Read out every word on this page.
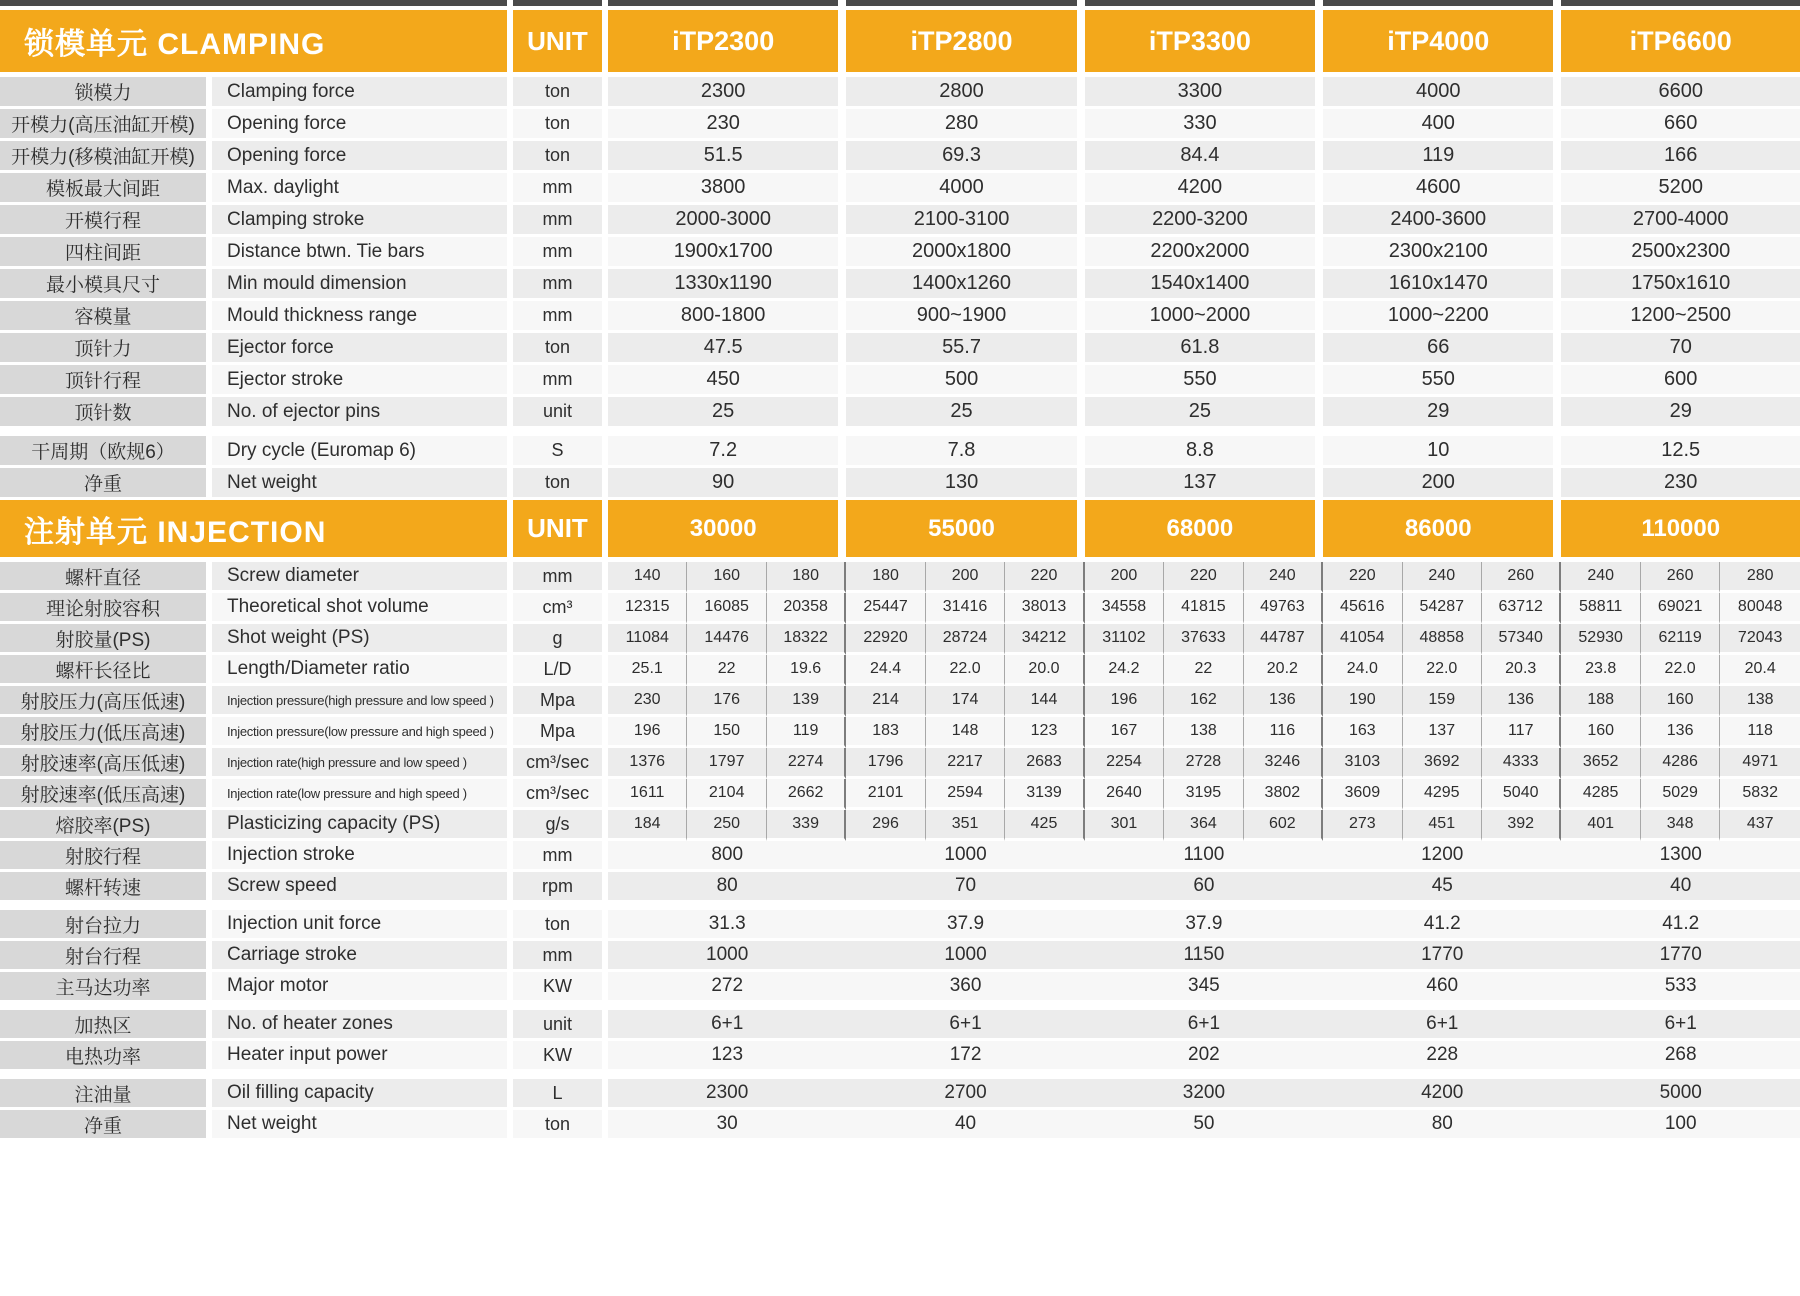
锁模单元 CLAMPING		UNIT	iTP2300			iTP2800			iTP3300			iTP4000			iTP6600		
锁模力	Clamping force	ton	2300			2800			3300			4000			6600		
开模力(高压油缸开模)	Opening force	ton	230			280			330			400			660		
开模力(移模油缸开模)	Opening force	ton	51.5			69.3			84.4			119			166		
模板最大间距	Max. daylight	mm	3800			4000			4200			4600			5200		
开模行程	Clamping stroke	mm	2000-3000			2100-3100			2200-3200			2400-3600			2700-4000		
四柱间距	Distance btwn. Tie bars	mm	1900x1700			2000x1800			2200x2000			2300x2100			2500x2300		
最小模具尺寸	Min mould dimension	mm	1330x1190			1400x1260			1540x1400			1610x1470			1750x1610		
容模量	Mould thickness range	mm	800-1800			900~1900			1000~2000			1000~2200			1200~2500		
顶针力	Ejector force	ton	47.5			55.7			61.8			66			70		
顶针行程	Ejector stroke	mm	450			500			550			550			600		
顶针数	No. of ejector pins	unit	25			25			25			29			29		

干周期（欧规6）	Dry cycle (Euromap 6)	S	7.2			7.8			8.8			10			12.5		
净重	Net weight	ton	90			130			137			200			230		
注射单元 INJECTION		UNIT	30000			55000			68000			86000			110000		
螺杆直径	Screw diameter	mm	140	160	180	180	200	220	200	220	240	220	240	260	240	260	280
理论射胶容积	Theoretical shot volume	cm³	12315	16085	20358	25447	31416	38013	34558	41815	49763	45616	54287	63712	58811	69021	80048
射胶量(PS)	Shot weight (PS)	g	11084	14476	18322	22920	28724	34212	31102	37633	44787	41054	48858	57340	52930	62119	72043
螺杆长径比	Length/Diameter ratio	L/D	25.1	22	19.6	24.4	22.0	20.0	24.2	22	20.2	24.0	22.0	20.3	23.8	22.0	20.4
射胶压力(高压低速)	Injection pressure(high pressure and low speed )	Mpa	230	176	139	214	174	144	196	162	136	190	159	136	188	160	138
射胶压力(低压高速)	Injection pressure(low pressure and high speed )	Mpa	196	150	119	183	148	123	167	138	116	163	137	117	160	136	118
射胶速率(高压低速)	Injection rate(high pressure and low speed )	cm³/sec	1376	1797	2274	1796	2217	2683	2254	2728	3246	3103	3692	4333	3652	4286	4971
射胶速率(低压高速)	Injection rate(low pressure and high speed )	cm³/sec	1611	2104	2662	2101	2594	3139	2640	3195	3802	3609	4295	5040	4285	5029	5832
熔胶率(PS)	Plasticizing capacity (PS)	g/s	184	250	339	296	351	425	301	364	602	273	451	392	401	348	437
射胶行程	Injection stroke	mm	800			1000			1100			1200			1300		
螺杆转速	Screw speed	rpm	80			70			60			45			40		

射台拉力	Injection unit force	ton	31.3			37.9			37.9			41.2			41.2		
射台行程	Carriage stroke	mm	1000			1000			1150			1770			1770		
主马达功率	Major motor	KW	272			360			345			460			533		

加热区	No. of heater zones	unit	6+1			6+1			6+1			6+1			6+1		
电热功率	Heater input power	KW	123			172			202			228			268		

注油量	Oil filling capacity	L	2300			2700			3200			4200			5000		
净重	Net weight	ton	30			40			50			80			100		
